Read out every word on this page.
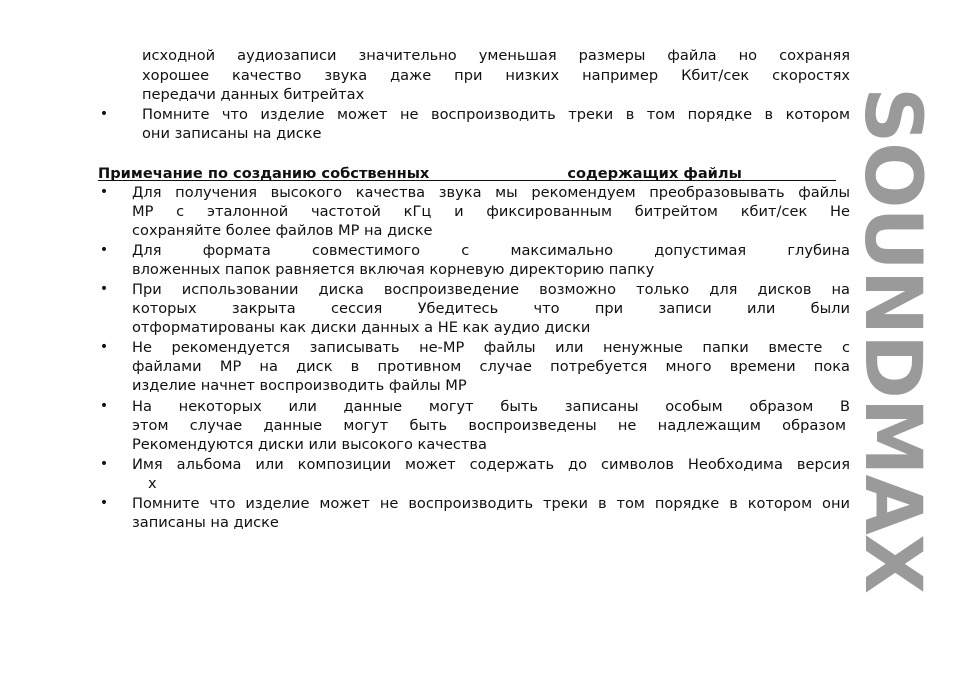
исходной аудиозаписи значительно уменьшая размеры файла но сохраняя
хорошее качество звука даже при низких например Кбит/сек скоростях
передачи данных битрейтах
• Помните что изделие может не воспроизводить треки в том порядке в котором
они записаны на диске
Примечание по созданию собственных	содержащих файлы
• Для получения высокого качества звука мы рекомендуем преобразовывать файлы
MP с эталонной частотой кГц и фиксированным битрейтом кбит/сек Не
сохраняйте более файлов MP на диске
• Для формата совместимого с максимально допустимая глубина
вложенных папок равняется включая корневую директорию папку
• При использовании диска воспроизведение возможно только для дисков на
которых закрыта сессия Убедитесь что при записи или были
отформатированы как диски данных а НЕ как аудио диски
• Не рекомендуется записывать не-MP файлы или ненужные папки вместе с
файлами MP на диск в противном случае потребуется много времени пока
изделие начнет воспроизводить файлы MP
• На некоторых или данные могут быть записаны особым образом В
этом случае данные могут быть воспроизведены не надлежащим образом
Рекомендуются диски или высокого качества
• Имя альбома или композиции может содержать до символов Необходима версия
x
• Помните что изделие может не воспроизводить треки в том порядке в котором они
записаны на диске	SOUNDMAX
